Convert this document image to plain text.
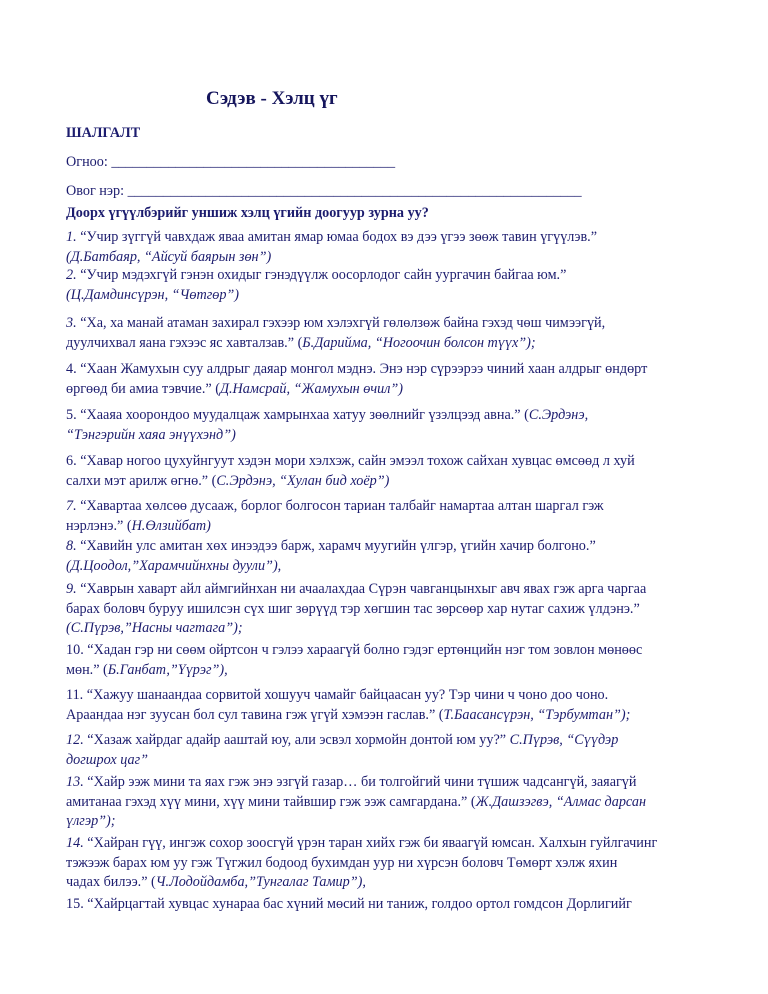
Сэдэв - Хэлц үг
ШАЛГАЛТ
Огноо: ________________________________________
Овог нэр: ________________________________________________________________
Доорх үгүүлбэрийг уншиж хэлц үгийн доогуур зурна уу?
1. “Учир зүггүй чавхдаж яваа амитан ямар юмаа бодох вэ дээ үгээ зөөж тавин үгүүлэв.”
(Д.Батбаяр, “Айсуй баярын зөн”)
2. “Учир мэдэхгүй гэнэн охидыг гэнэдүүлж оосорлодог сайн уургачин байгаа юм.”
(Ц.Дамдинсүрэн, “Чөтгөр”)
3. “Ха, ха манай атаман захирал гэхээр юм хэлэхгүй гөлөлзөж байна гэхэд чөш чимээгүй,
дуулчихвал яана гэхээс яс хавталзав.” (Б.Дарийма, “Ногоочин болсон түүх”);
4. “Хаан Жамухын суу алдрыг даяар монгол мэднэ. Энэ нэр сүрээрээ чиний хаан алдрыг өндөрт
өргөөд би амиа тэвчие.” (Д.Намсрай, “Жамухын өчил”)
5. “Хааяа хоорондоо муудалцаж хамрынхаа хатуу зөөлнийг үзэлцээд авна.” (С.Эрдэнэ,
“Тэнгэрийн хаяа энүүхэнд”)
6. “Хавар ногоо цухуйнгуут хэдэн мори хэлхэж, сайн эмээл тохож сайхан хувцас өмсөөд л хуй
салхи мэт арилж өгнө.” (С.Эрдэнэ, “Хулан бид хоёр”)
7. “Хавартаа хөлсөө дусааж, борлог болгосон тариан талбайг намартаа алтан шаргал гэж
нэрлэнэ.” (Н.Өлзийбат)
8. “Хавийн улс амитан хөх инээдээ барж, харамч муугийн үлгэр, үгийн хачир болгоно.”
(Д.Цоодол,”Харамчийнхны дуули”),
9. “Хаврын хаварт айл аймгийнхан ни ачаалахдаа Сүрэн чавганцынхыг авч явах гэж арга чаргаа
барах боловч буруу ишилсэн сүх шиг зөрүүд тэр хөгшин тас зөрсөөр хар нутаг сахиж үлдэнэ.”
(С.Пүрэв,”Насны чагтага”);
10. “Хадан гэр ни сөөм ойртсон ч гэлээ хараагүй болно гэдэг ертөнцийн нэг том зовлон мөнөөс
мөн.” (Б.Ганбат,”Үүрэг”),
11. “Хажуу шанаандаа сорвитой хошууч чамайг байцаасан уу? Тэр чини ч чоно доо чоно.
Араандаа нэг зуусан бол сул тавина гэж үгүй хэмээн гаслав.” (Т.Баасансүрэн, “Тэрбумтан”);
12. “Хазаж хайрдаг адайр ааштай юу, али эсвэл хормойн донтой юм уу?” С.Пүрэв, “Сүүдэр
догшрох цаг”
13. “Хайр ээж мини та яах гэж энэ эзгүй газар… би толгойгий чини түшиж чадсангүй, заяагүй
амитанаа гэхэд хүү мини, хүү мини тайвшир гэж ээж самгардана.” (Ж.Дашзэгвэ, “Алмас дарсан
үлгэр”);
14. “Хайран гүү, ингэж сохор зоосгүй үрэн таран хийх гэж би яваагүй юмсан. Халхын гуйлгачинг
тэжээж барах юм уу гэж Түгжил бодоод бухимдан уур ни хүрсэн боловч Төмөрт хэлж яхин
чадах билээ.” (Ч.Лодойдамба,”Тунгалаг Тамир”),
15. “Хайрцагтай хувцас хунараа бас хүний мөсий ни таниж, голдоо ортол гомдсон Дорлигийг
